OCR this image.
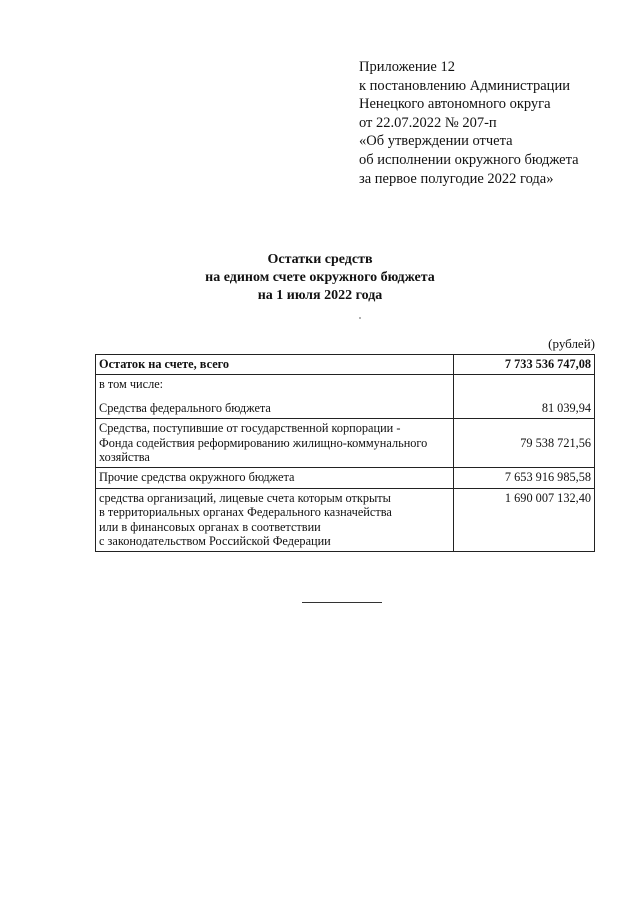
Приложение 12
к постановлению Администрации
Ненецкого автономного округа
от 22.07.2022 № 207-п
«Об утверждении отчета
об исполнении окружного бюджета
за первое полугодие 2022 года»
Остатки средств
на едином счете окружного бюджета
на 1 июля 2022 года
(рублей)
Остаток на счете, всего	7 733 536 747,08
в том числе:	
Средства федерального бюджета	81 039,94

Средства, поступившие от государственной корпорации -
Фонда содействия реформированию жилищно-коммунального
хозяйства	79 538 721,56
Прочие средства окружного бюджета	7 653 916 985,58

средства организаций, лицевые счета которым открыты
в территориальных органах Федерального казначейства
или в финансовых органах в соответствии
с законодательством Российской Федерации	1 690 007 132,40
